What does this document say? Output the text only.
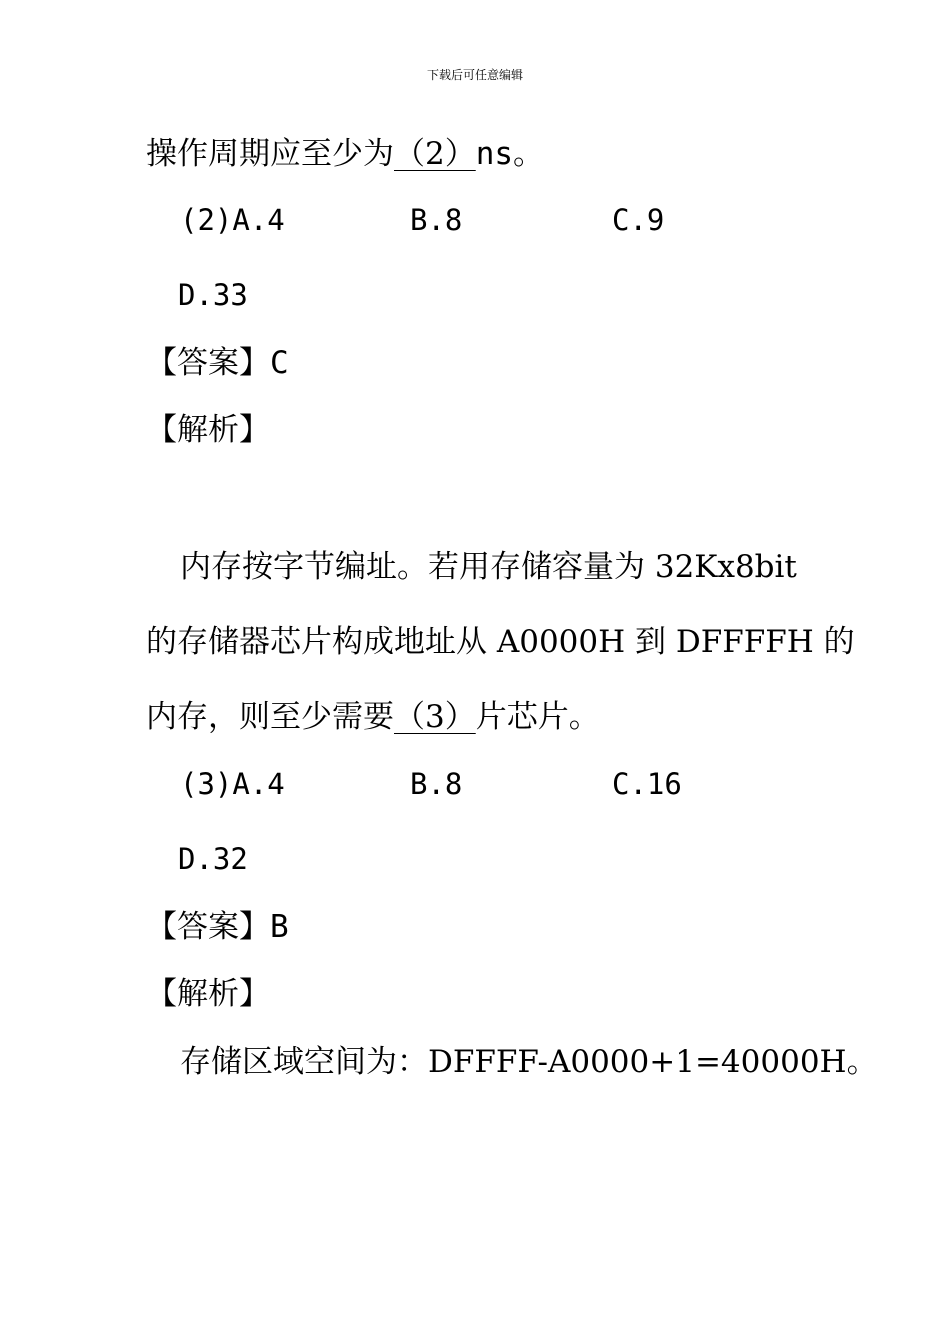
下载后可任意编辑
操作周期应至少为（2）ns。
(2)A.4	B.8	C.9
D.33
【答案】C
【解析】
内存按字节编址。若用存储容量为 32Kx8bit
的存储器芯片构成地址从 A0000H 到 DFFFFH 的
内存，则至少需要（3）片芯片。
(3)A.4	B.8	C.16
D.32
【答案】B
【解析】
存储区域空间为：DFFFF-A0000+1=40000H。
